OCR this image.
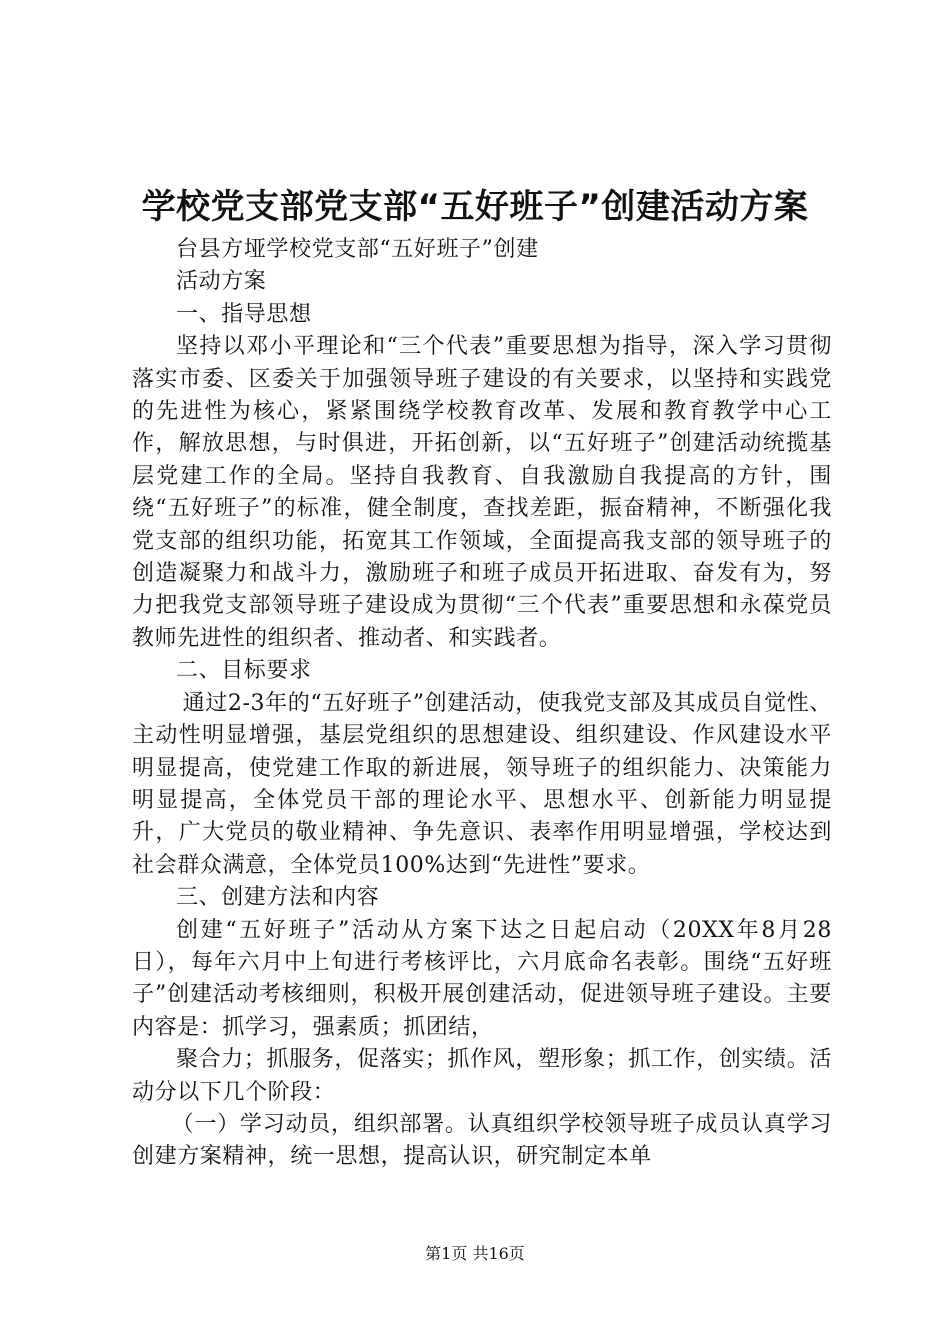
学校党支部党支部“五好班子”创建活动方案

台县方垭学校党支部“五好班子”创建

活动方案

一、指导思想

坚持以邓小平理论和“三个代表”重要思想为指导，深入学习贯彻落实市委、区委关于加强领导班子建设的有关要求，以坚持和实践党的先进性为核心，紧紧围绕学校教育改革、发展和教育教学中心工作，解放思想，与时俱进，开拓创新，以“五好班子”创建活动统揽基层党建工作的全局。坚持自我教育、自我激励自我提高的方针，围绕“五好班子”的标准，健全制度，查找差距，振奋精神，不断强化我党支部的组织功能，拓宽其工作领域，全面提高我支部的领导班子的创造凝聚力和战斗力，激励班子和班子成员开拓进取、奋发有为，努力把我党支部领导班子建设成为贯彻“三个代表”重要思想和永葆党员教师先进性的组织者、推动者、和实践者。

二、目标要求

通过2-3年的“五好班子”创建活动，使我党支部及其成员自觉性、主动性明显增强，基层党组织的思想建设、组织建设、作风建设水平明显提高，使党建工作取的新进展，领导班子的组织能力、决策能力明显提高，全体党员干部的理论水平、思想水平、创新能力明显提升，广大党员的敬业精神、争先意识、表率作用明显增强，学校达到社会群众满意，全体党员100%达到“先进性”要求。

三、创建方法和内容

创建“五好班子”活动从方案下达之日起启动（20XX年8月28日），每年六月中上旬进行考核评比，六月底命名表彰。围绕“五好班子”创建活动考核细则，积极开展创建活动，促进领导班子建设。主要内容是：抓学习，强素质；抓团结，

聚合力；抓服务，促落实；抓作风，塑形象；抓工作，创实绩。活动分以下几个阶段：

（一）学习动员，组织部署。认真组织学校领导班子成员认真学习创建方案精神，统一思想，提高认识，研究制定本单

第1页 共16页
